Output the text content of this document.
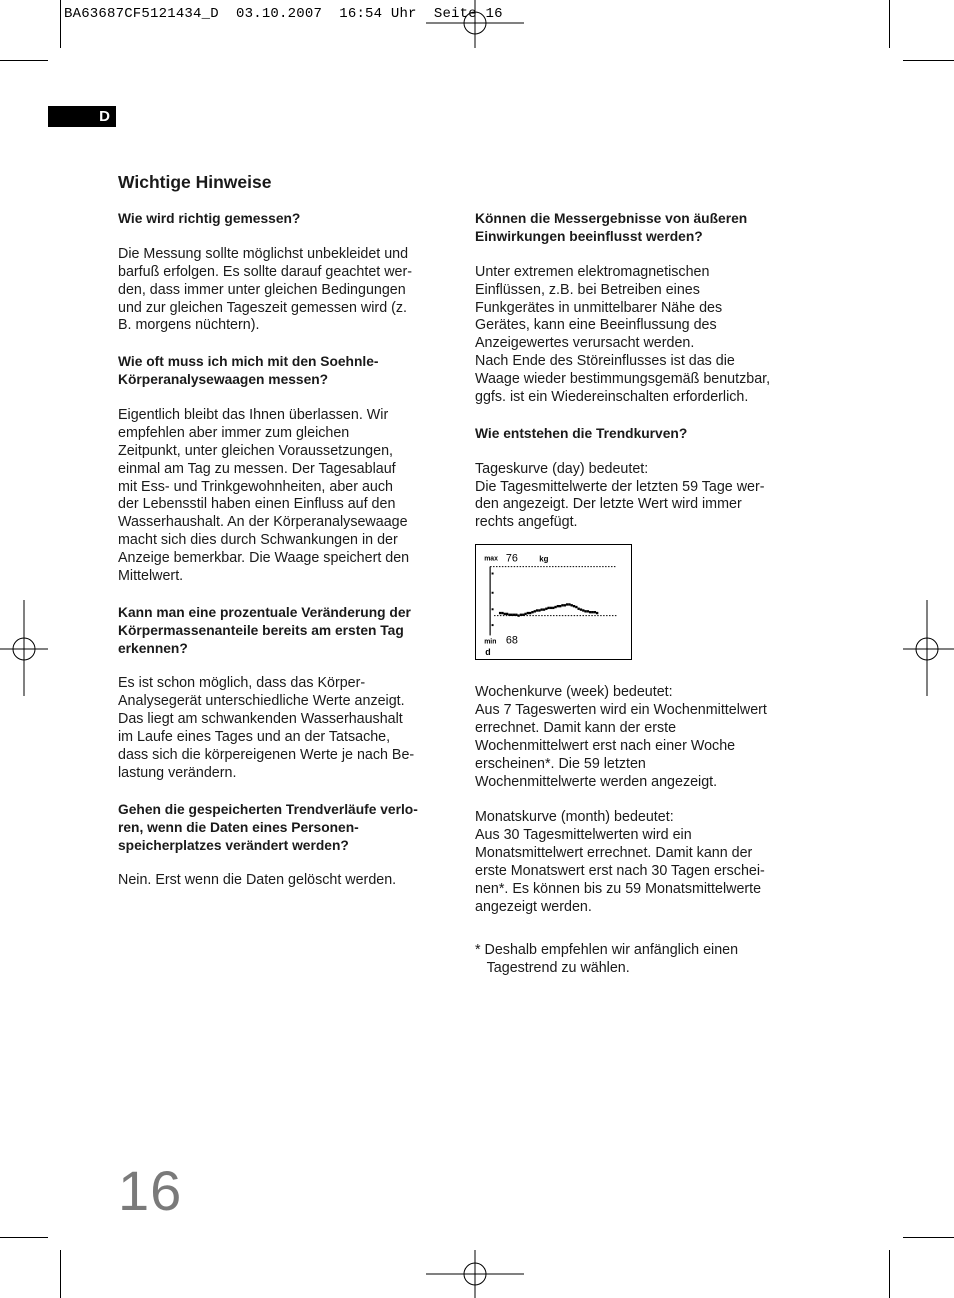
BA63687CF5121434_D  03.10.2007  16:54 Uhr  Seite 16
D
Wichtige Hinweise
Wie wird richtig gemessen?

Die Messung sollte möglichst unbekleidet und
barfuß erfolgen. Es sollte darauf geachtet wer-
den, dass immer unter gleichen Bedingungen
und zur gleichen Tageszeit gemessen wird (z.
B. morgens nüchtern).

Wie oft muss ich mich mit den Soehnle-
Körperanalysewaagen messen?

Eigentlich bleibt das Ihnen überlassen. Wir
empfehlen aber immer zum gleichen
Zeitpunkt, unter gleichen Voraussetzungen,
einmal am Tag zu messen. Der Tagesablauf
mit Ess- und Trinkgewohnheiten, aber auch
der Lebensstil haben einen Einfluss auf den
Wasserhaushalt. An der Körperanalysewaage
macht sich dies durch Schwankungen in der
Anzeige bemerkbar. Die Waage speichert den
Mittelwert.

Kann man eine prozentuale Veränderung der
Körpermassenanteile bereits am ersten Tag
erkennen?

Es ist schon möglich, dass das Körper-
Analysegerät unterschiedliche Werte anzeigt.
Das liegt am schwankenden Wasserhaushalt
im Laufe eines Tages und an der Tatsache,
dass sich die körpereigenen Werte je nach Be-
lastung verändern.

Gehen die gespeicherten Trendverläufe verlo-
ren, wenn die Daten eines Personen-
speicherplatzes verändert werden?

Nein. Erst wenn die Daten gelöscht werden.

Können die Messergebnisse von äußeren
Einwirkungen beeinflusst werden?

Unter extremen elektromagnetischen
Einflüssen, z.B. bei Betreiben eines
Funkgerätes in unmittelbarer Nähe des
Gerätes, kann eine Beeinflussung des
Anzeigewertes verursacht werden.
Nach Ende des Störeinflusses ist das die
Waage wieder bestimmungsgemäß benutzbar,
ggfs. ist ein Wiedereinschalten erforderlich.

Wie entstehen die Trendkurven?

Tageskurve (day) bedeutet:
Die Tagesmittelwerte der letzten 59 Tage wer-
den angezeigt. Der letzte Wert wird immer
rechts angefügt.

Wochenkurve (week) bedeutet:
Aus 7 Tageswerten wird ein Wochenmittelwert
errechnet. Damit kann der erste
Wochenmittelwert erst nach einer Woche
erscheinen*. Die 59 letzten
Wochenmittelwerte werden angezeigt.

Monatskurve (month) bedeutet:
Aus 30 Tagesmittelwerten wird ein
Monatsmittelwert errechnet. Damit kann der
erste Monatswert erst nach 30 Tagen erschei-
nen*. Es können bis zu 59 Monatsmittelwerte
angezeigt werden.

max 76	kg
min 68
d
* Deshalb empfehlen wir anfänglich einen
Tagestrend zu wählen.
16
